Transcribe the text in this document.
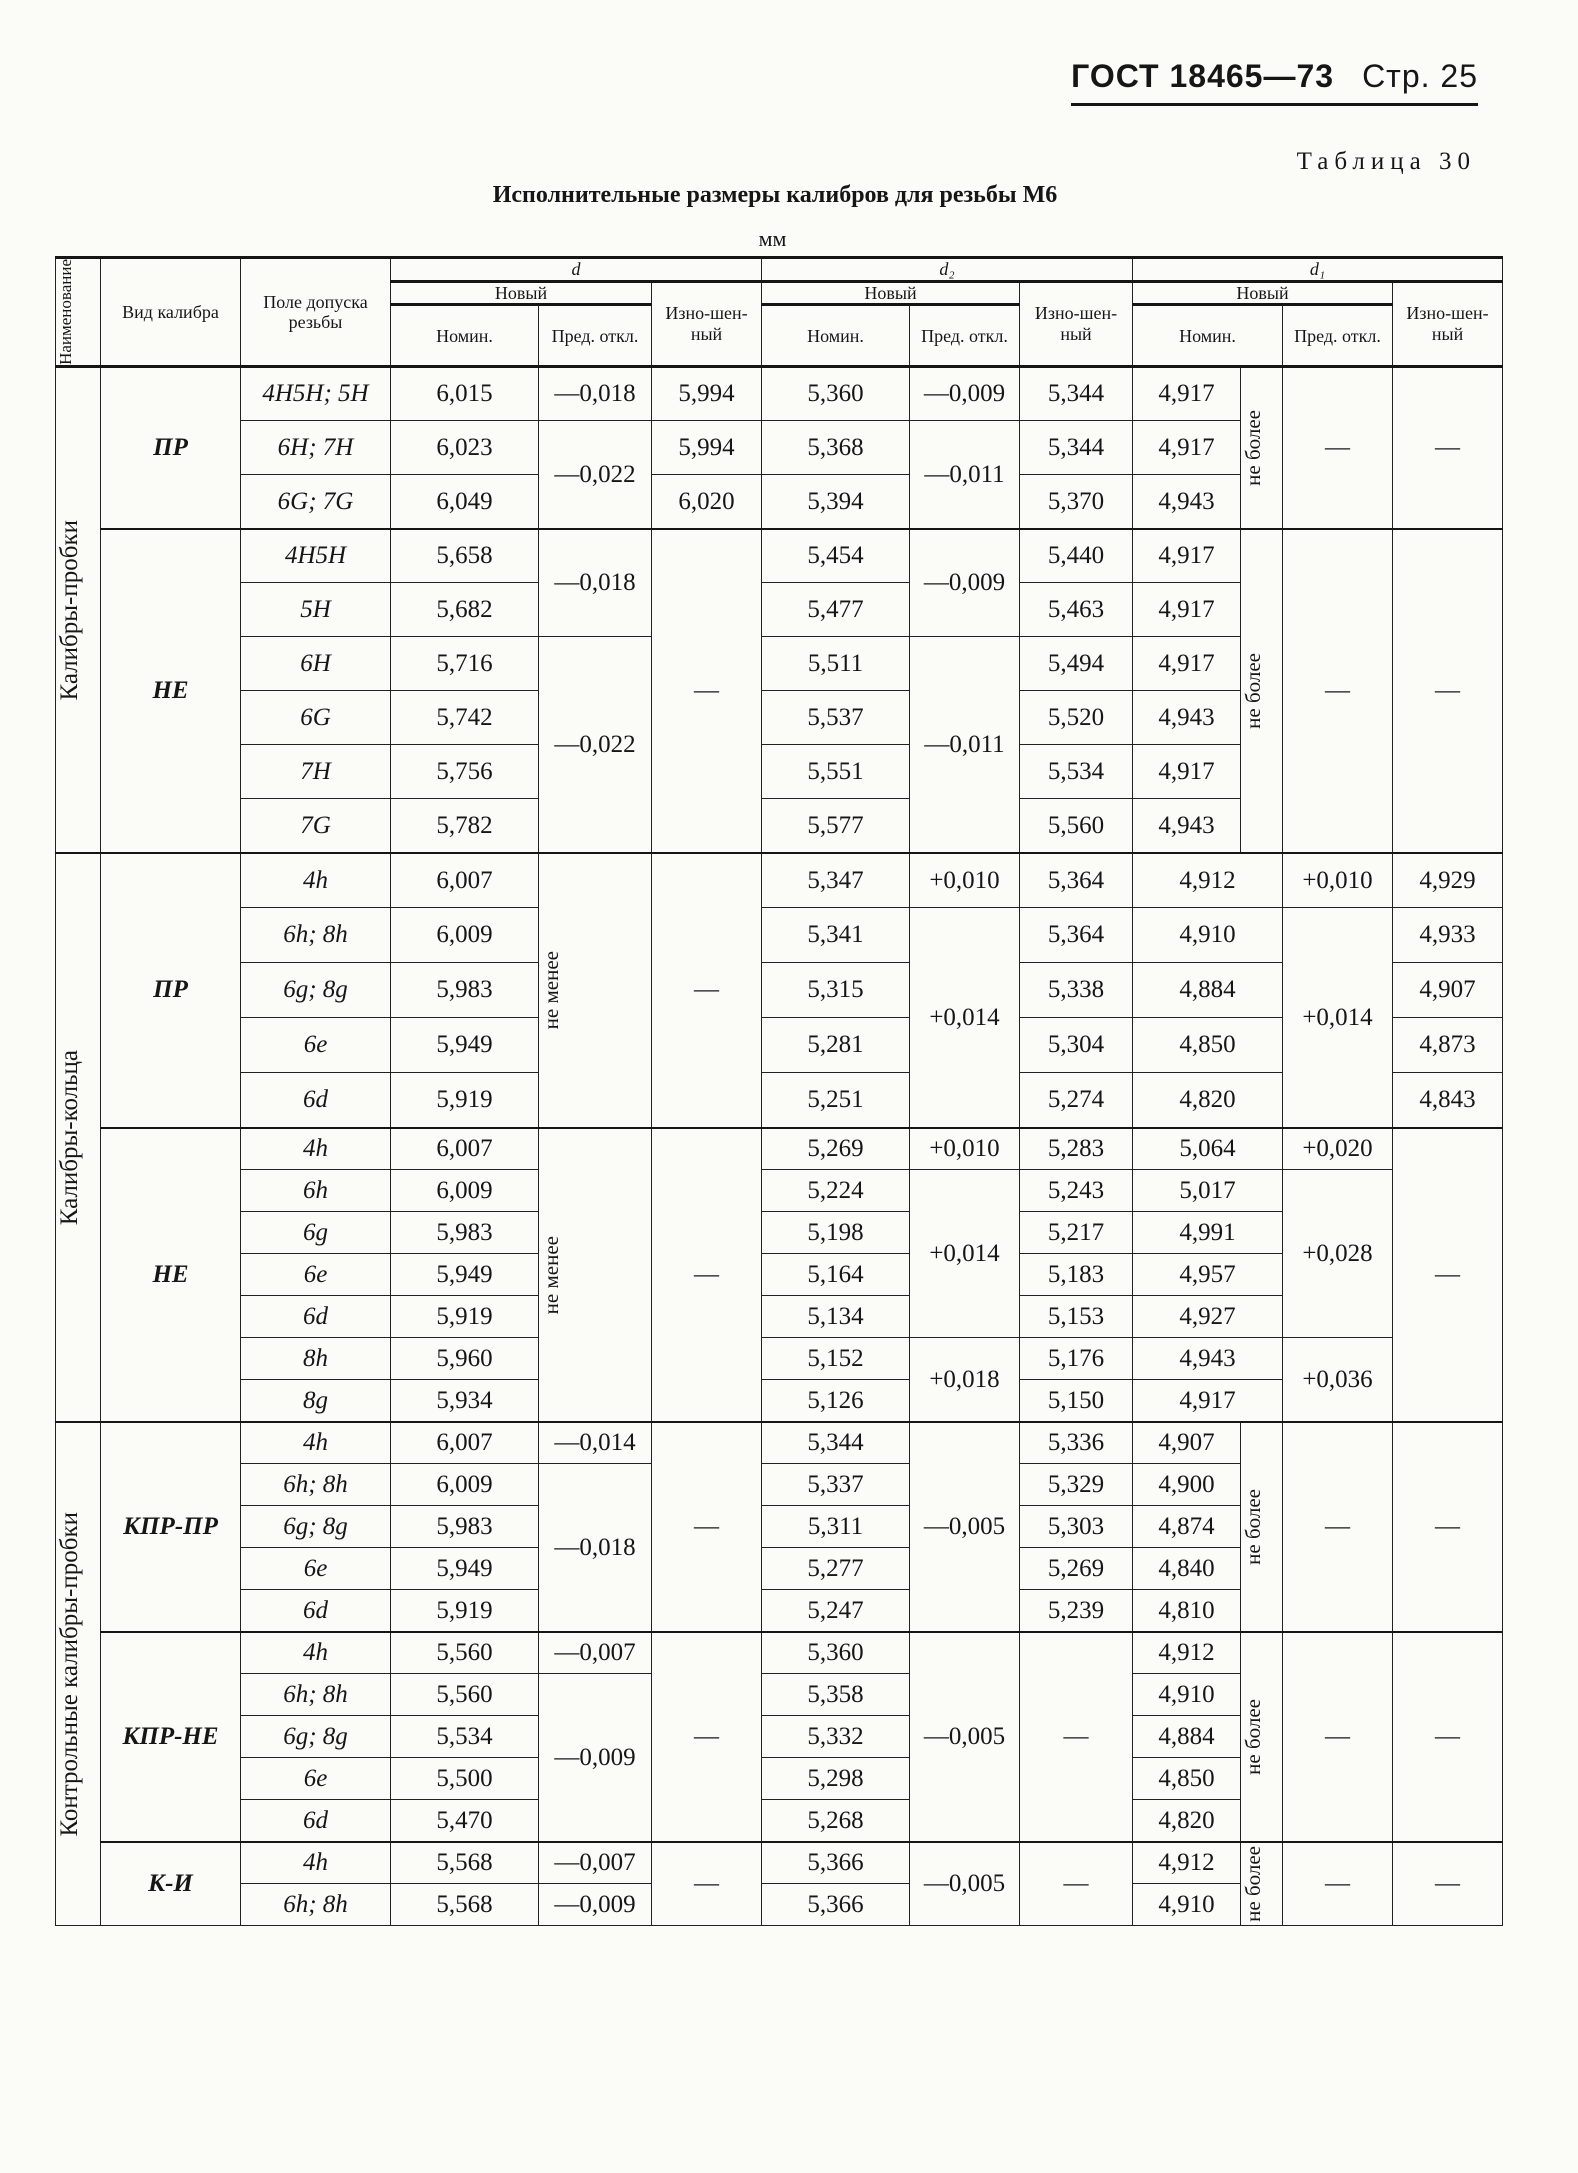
ГОСТ 18465—73 Стр. 25
Таблица 30
Исполнительные размеры калибров для резьбы М6
мм
Наименование	Вид калибра	Поле допуска резьбы	d			d₂			d₁			
			Новый		Изно-шен-ный	Новый		Изно-шен-ный	Новый			Изно-шен-ный
			Номин.	Пред. откл.		Номин.	Пред. откл.		Номин.		Пред. откл.	

Калибры-пробки	ПР	4H5H; 5H	6,015	—0,018	5,994	5,360	—0,009	5,344	4,917	не более	—	—
		6H; 7H	6,023	—0,022	5,994	5,368	—0,011	5,344	4,917			
		6G; 7G	6,049		6,020	5,394		5,370	4,943			
	НЕ	4H5H	5,658	—0,018	—	5,454	—0,009	5,440	4,917	не более	—	—
		5H	5,682			5,477		5,463	4,917			
		6H	5,716	—0,022		5,511	—0,011	5,494	4,917			
		6G	5,742			5,537		5,520	4,943			
		7H	5,756			5,551		5,534	4,917			
		7G	5,782			5,577		5,560	4,943			

Калибры-кольца	ПР	4h	6,007	не менее	—	5,347	+0,010	5,364	4,912		+0,010	4,929
		6h; 8h	6,009			5,341	+0,014	5,364	4,910		+0,014	4,933
		6g; 8g	5,983			5,315		5,338	4,884			4,907
		6e	5,949			5,281		5,304	4,850			4,873
		6d	5,919			5,251		5,274	4,820			4,843
	НЕ	4h	6,007	не менее	—	5,269	+0,010	5,283	5,064		+0,020	—
		6h	6,009			5,224	+0,014	5,243	5,017		+0,028	
		6g	5,983			5,198		5,217	4,991			
		6e	5,949			5,164		5,183	4,957			
		6d	5,919			5,134		5,153	4,927			
		8h	5,960			5,152	+0,018	5,176	4,943		+0,036	
		8g	5,934			5,126		5,150	4,917			

Контрольные калибры-пробки	КПР-ПР	4h	6,007	—0,014	—	5,344	—0,005	5,336	4,907	не более	—	—
		6h; 8h	6,009	—0,018		5,337		5,329	4,900			
		6g; 8g	5,983			5,311		5,303	4,874			
		6e	5,949			5,277		5,269	4,840			
		6d	5,919			5,247		5,239	4,810			
	КПР-НЕ	4h	5,560	—0,007	—	5,360	—0,005	—	4,912	не более	—	—
		6h; 8h	5,560	—0,009		5,358			4,910			
		6g; 8g	5,534			5,332			4,884			
		6e	5,500			5,298			4,850			
		6d	5,470			5,268			4,820			
	К-И	4h	5,568	—0,007	—	5,366	—0,005	—	4,912	не более	—	—
		6h; 8h	5,568	—0,009		5,366			4,910			
